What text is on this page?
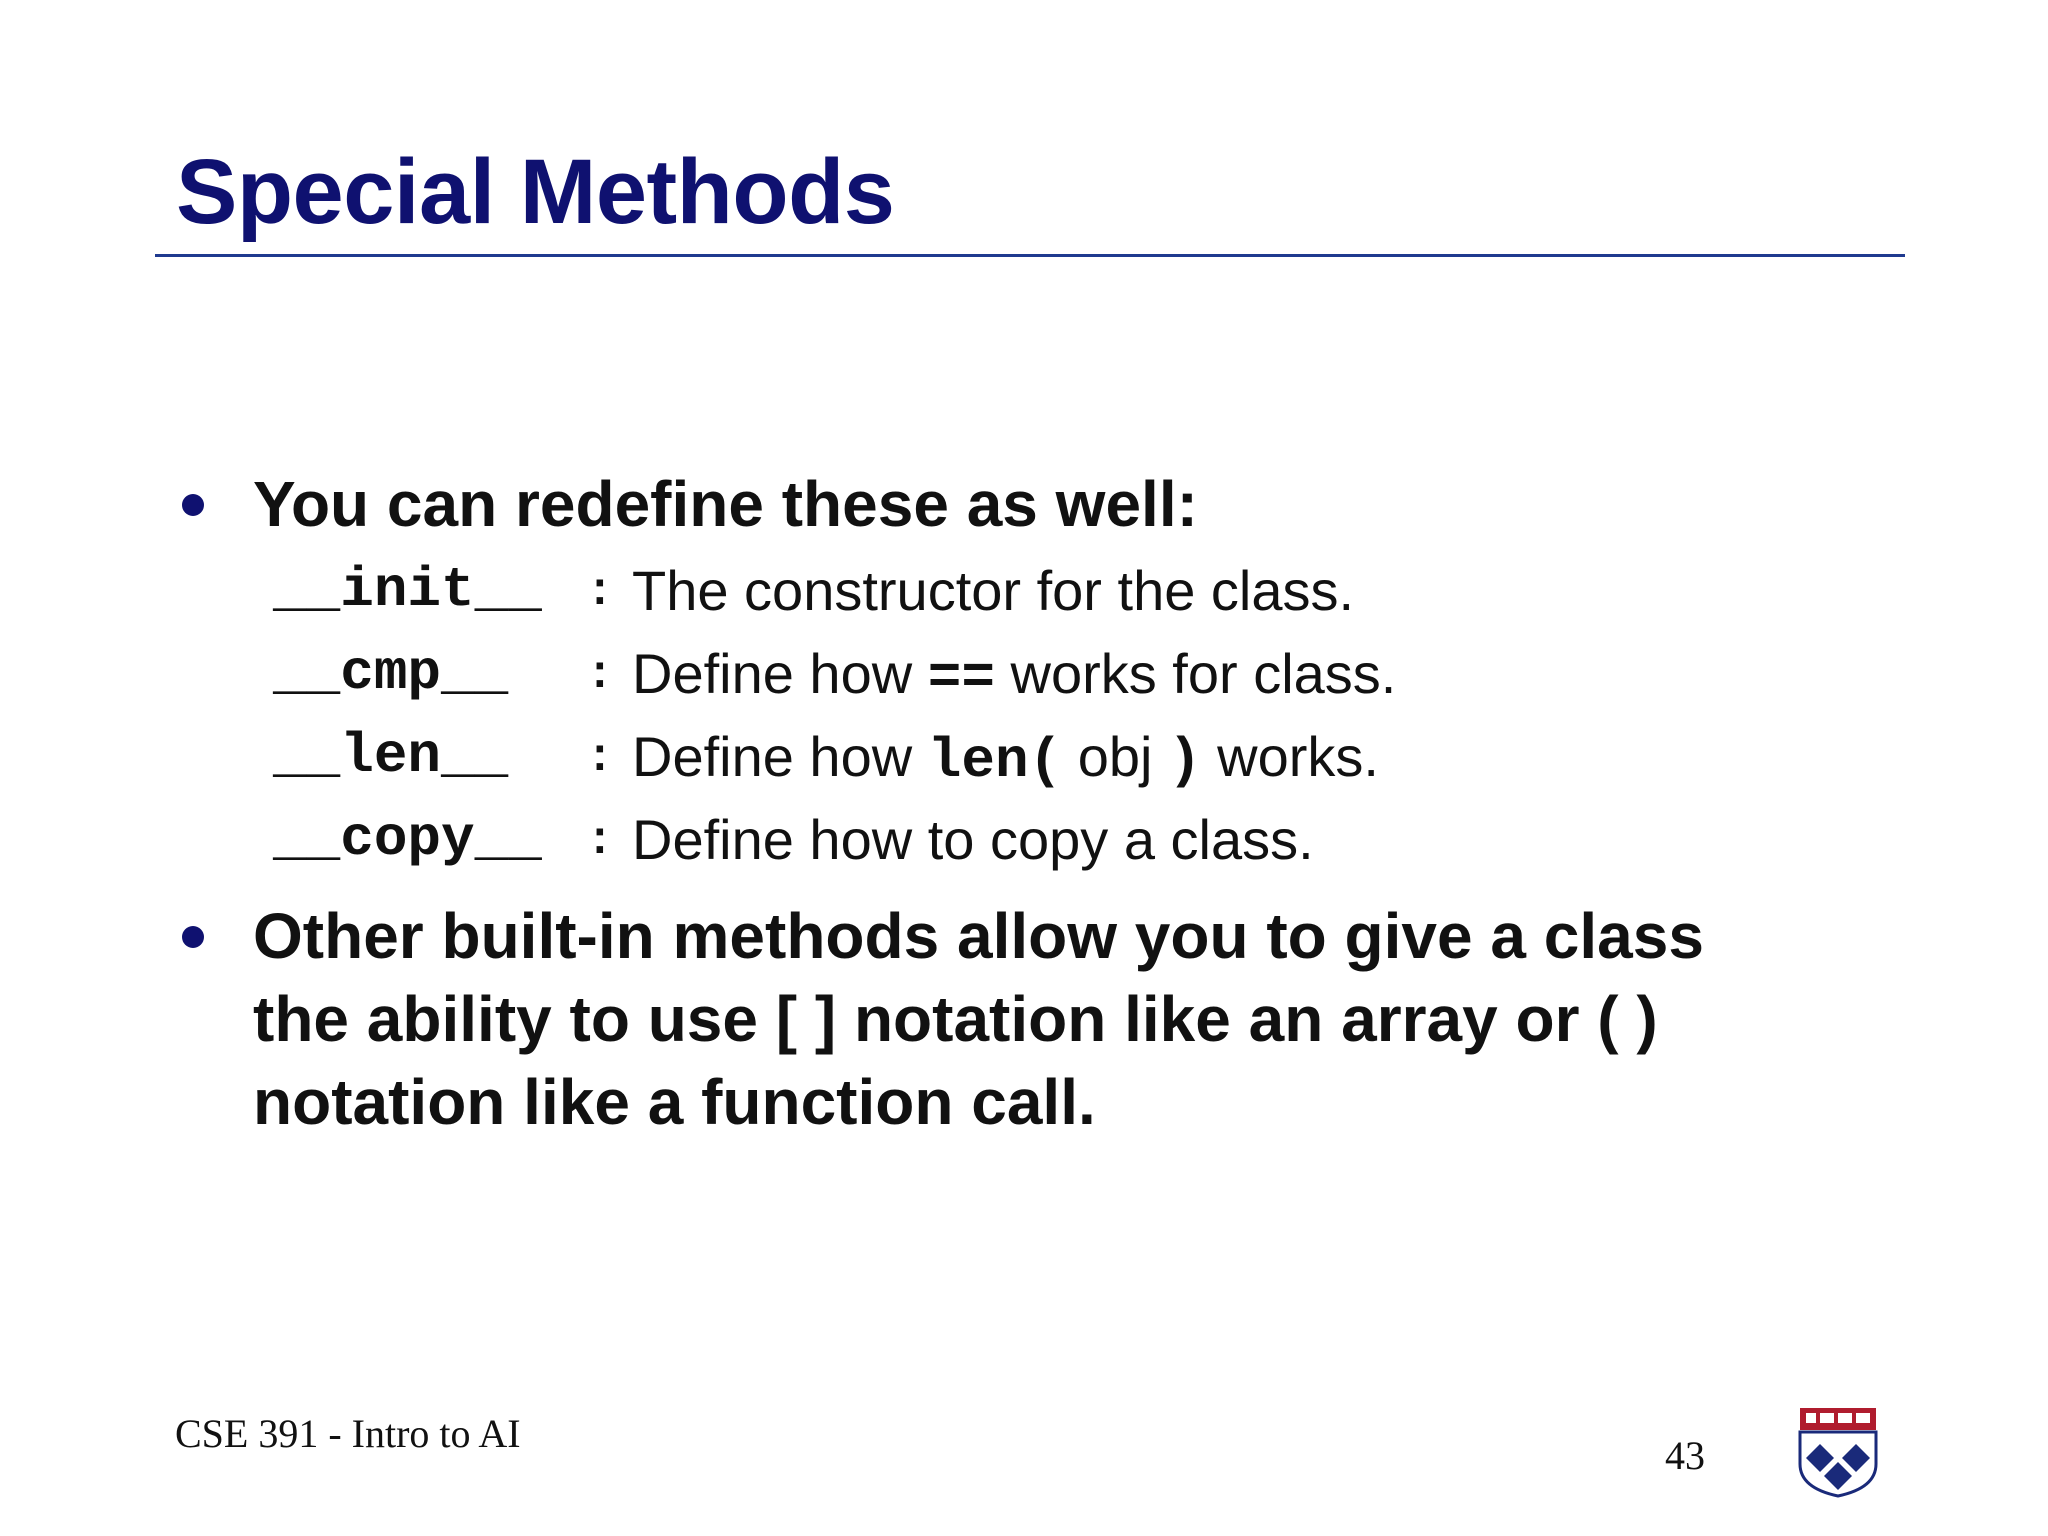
Special Methods
You can redefine these as well:
__init__ : The constructor for the class.
__cmp__ : Define how == works for class.
__len__ : Define how len( obj ) works.
__copy__ : Define how to copy a class.
Other built-in methods allow you to give a class
the ability to use [ ] notation like an array or ( )
notation like a function call.
CSE 391 - Intro to AI	43
